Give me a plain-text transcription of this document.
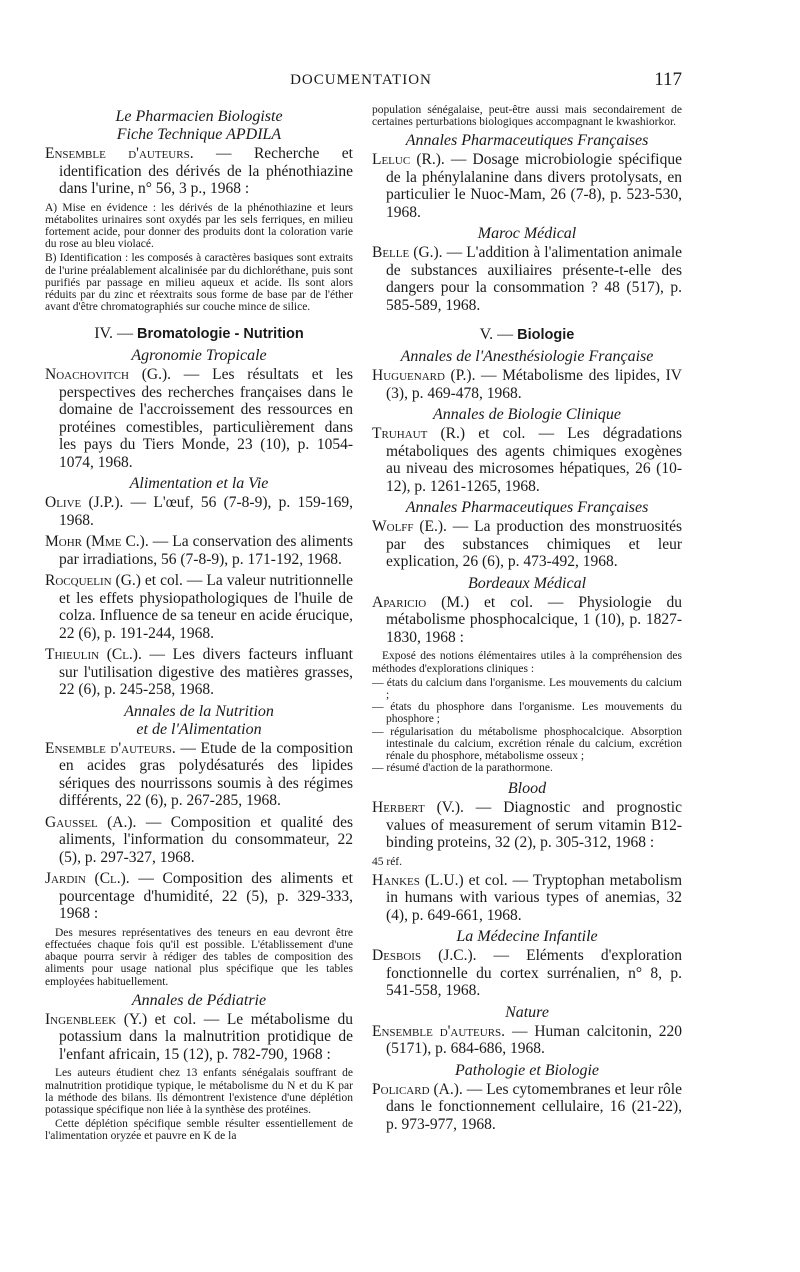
DOCUMENTATION	117
Le Pharmacien Biologiste
Fiche Technique APDILA

Ensemble d'auteurs. — Recherche et identification des dérivés de la phénothiazine dans l'urine, n° 56, 3 p., 1968 :

A) Mise en évidence : les dérivés de la phénothiazine et leurs métabolites urinaires sont oxydés par les sels ferriques, en milieu fortement acide, pour donner des produits dont la coloration varie du rose au bleu violacé.

B) Identification : les composés à caractères basiques sont extraits de l'urine préalablement alcalinisée par du dichloréthane, puis sont purifiés par passage en milieu aqueux et acide. Ils sont alors réduits par du zinc et réextraits sous forme de base par de l'éther avant d'être chromatographiés sur couche mince de silice.

IV. — Bromatologie - Nutrition
Agronomie Tropicale

Noachovitch (G.). — Les résultats et les perspectives des recherches françaises dans le domaine de l'accroissement des ressources en protéines comestibles, particulièrement dans les pays du Tiers Monde, 23 (10), p. 1054-1074, 1968.

Alimentation et la Vie

Olive (J.P.). — L'œuf, 56 (7-8-9), p. 159-169, 1968.

Mohr (Mme C.). — La conservation des aliments par irradiations, 56 (7-8-9), p. 171-192, 1968.

Rocquelin (G.) et col. — La valeur nutritionnelle et les effets physiopathologiques de l'huile de colza. Influence de sa teneur en acide érucique, 22 (6), p. 191-244, 1968.

Thieulin (Cl.). — Les divers facteurs influant sur l'utilisation digestive des matières grasses, 22 (6), p. 245-258, 1968.

Annales de la Nutrition
et de l'Alimentation

Ensemble d'auteurs. — Etude de la composition en acides gras polydésaturés des lipides sériques des nourrissons soumis à des régimes différents, 22 (6), p. 267-285, 1968.

Gaussel (A.). — Composition et qualité des aliments, l'information du consommateur, 22 (5), p. 297-327, 1968.

Jardin (Cl.). — Composition des aliments et pourcentage d'humidité, 22 (5), p. 329-333, 1968 :

Des mesures représentatives des teneurs en eau devront être effectuées chaque fois qu'il est possible. L'établissement d'une abaque pourra servir à rédiger des tables de composition des aliments pour usage national plus spécifique que les tables employées habituellement.

Annales de Pédiatrie

Ingenbleek (Y.) et col. — Le métabolisme du potassium dans la malnutrition protidique de l'enfant africain, 15 (12), p. 782-790, 1968 :

Les auteurs étudient chez 13 enfants sénégalais souffrant de malnutrition protidique typique, le métabolisme du N et du K par la méthode des bilans. Ils démontrent l'existence d'une déplétion potassique spécifique non liée à la synthèse des protéines.

Cette déplétion spécifique semble résulter essentiellement de l'alimentation oryzée et pauvre en K de la

population sénégalaise, peut-être aussi mais secondairement de certaines perturbations biologiques accompagnant le kwashiorkor.

Annales Pharmaceutiques Françaises

Leluc (R.). — Dosage microbiologie spécifique de la phénylalanine dans divers protolysats, en particulier le Nuoc-Mam, 26 (7-8), p. 523-530, 1968.

Maroc Médical

Belle (G.). — L'addition à l'alimentation animale de substances auxiliaires présente-t-elle des dangers pour la consommation ? 48 (517), p. 585-589, 1968.

V. — Biologie
Annales de l'Anesthésiologie Française

Huguenard (P.). — Métabolisme des lipides, IV (3), p. 469-478, 1968.

Annales de Biologie Clinique

Truhaut (R.) et col. — Les dégradations métaboliques des agents chimiques exogènes au niveau des microsomes hépatiques, 26 (10-12), p. 1261-1265, 1968.

Annales Pharmaceutiques Françaises

Wolff (E.). — La production des monstruosités par des substances chimiques et leur explication, 26 (6), p. 473-492, 1968.

Bordeaux Médical

Aparicio (M.) et col. — Physiologie du métabolisme phosphocalcique, 1 (10), p. 1827-1830, 1968 :

Exposé des notions élémentaires utiles à la compréhension des méthodes d'explorations cliniques :

— états du calcium dans l'organisme. Les mouvements du calcium ;
— états du phosphore dans l'organisme. Les mouvements du phosphore ;
— régularisation du métabolisme phosphocalcique. Absorption intestinale du calcium, excrétion rénale du calcium, excrétion rénale du phosphore, métabolisme osseux ;
— résumé d'action de la parathormone.
Blood

Herbert (V.). — Diagnostic and prognostic values of measurement of serum vitamin B12-binding proteins, 32 (2), p. 305-312, 1968 :

45 réf.

Hankes (L.U.) et col. — Tryptophan metabolism in humans with various types of anemias, 32 (4), p. 649-661, 1968.

La Médecine Infantile

Desbois (J.C.). — Eléments d'exploration fonctionnelle du cortex surrénalien, n° 8, p. 541-558, 1968.

Nature

Ensemble d'auteurs. — Human calcitonin, 220 (5171), p. 684-686, 1968.

Pathologie et Biologie

Policard (A.). — Les cytomembranes et leur rôle dans le fonctionnement cellulaire, 16 (21-22), p. 973-977, 1968.
